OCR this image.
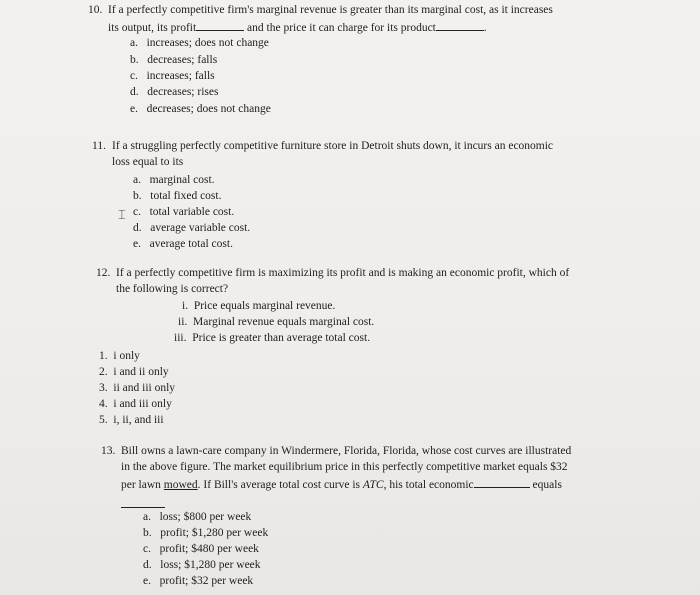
10. If a perfectly competitive firm's marginal revenue is greater than its marginal cost, as it increases
its output, its profit	and the price it can charge for its product	.
a. increases; does not change
b. decreases; falls
c. increases; falls
d. decreases; rises
e. decreases; does not change
11. If a struggling perfectly competitive furniture store in Detroit shuts down, it incurs an economic
loss equal to its
a. marginal cost.
b. total fixed cost.
c. total variable cost.
d. average variable cost.
e. average total cost.
⌶
12. If a perfectly competitive firm is maximizing its profit and is making an economic profit, which of
the following is correct?
i. Price equals marginal revenue.
ii. Marginal revenue equals marginal cost.
iii. Price is greater than average total cost.
1. i only
2. i and ii only
3. ii and iii only
4. i and iii only
5. i, ii, and iii
13. Bill owns a lawn-care company in Windermere, Florida, Florida, whose cost curves are illustrated
in the above figure. The market equilibrium price in this perfectly competitive market equals $32
per lawn mowed. If Bill's average total cost curve is ATC, his total economic	equals
a. loss; $800 per week
b. profit; $1,280 per week
c. profit; $480 per week
d. loss; $1,280 per week
e. profit; $32 per week
